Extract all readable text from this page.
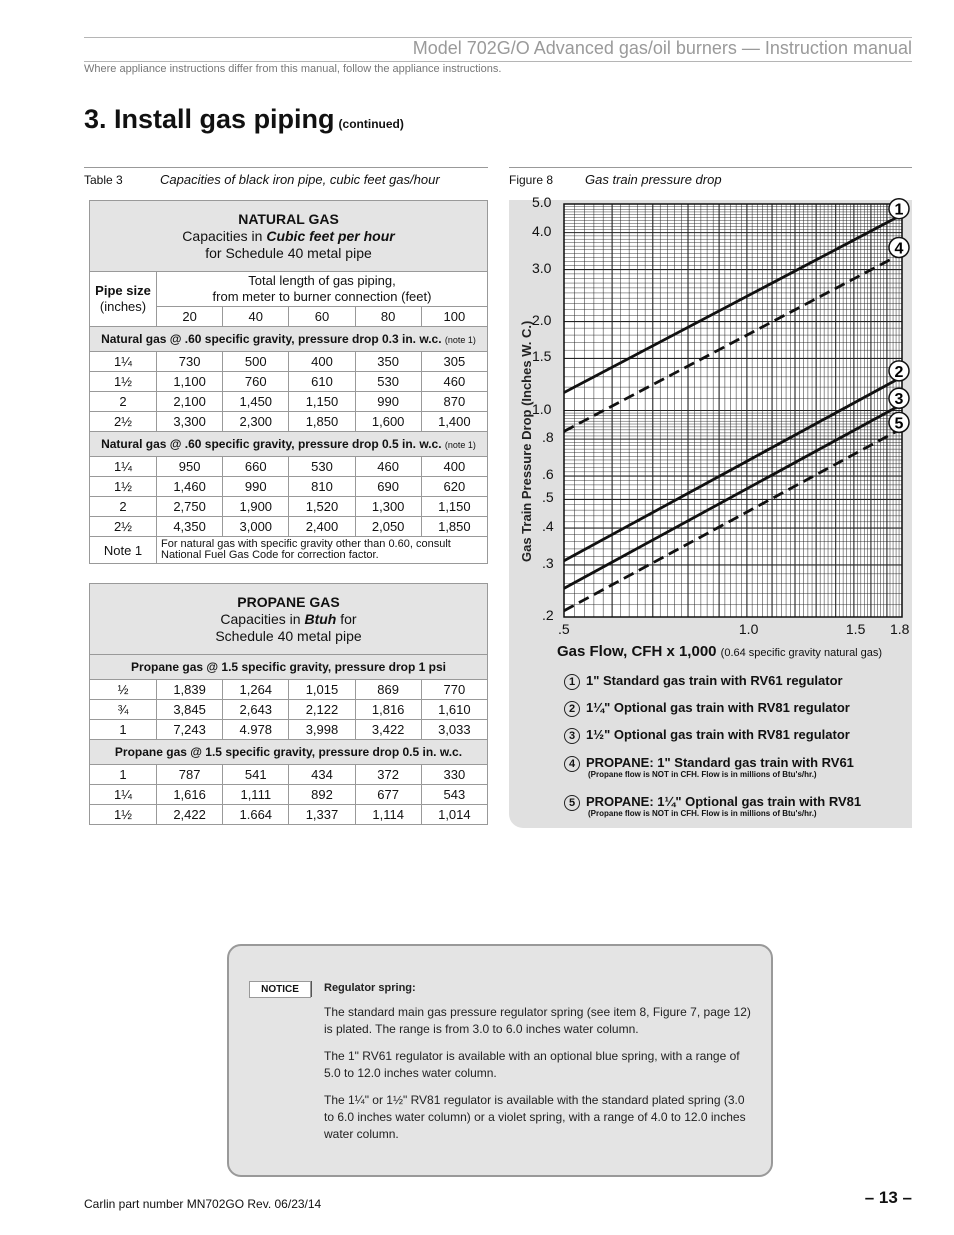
Model 702G/O Advanced gas/oil burners — Instruction manual
Where appliance instructions differ from this manual, follow the appliance instructions.
3. Install gas piping (continued)
Table 3	Capacities of black iron pipe, cubic feet gas/hour
NATURAL GAS
Capacities in Cubic feet per hour
for Schedule 40 metal pipe					
Pipe size
(inches)	Total length of gas piping,
from meter to burner connection (feet)				
	20	40	60	80	100
Natural gas @ .60 specific gravity, pressure drop 0.3 in. w.c. (note 1)					
1¼	730	500	400	350	305
1½	1,100	760	610	530	460
2	2,100	1,450	1,150	990	870
2½	3,300	2,300	1,850	1,600	1,400
Natural gas @ .60 specific gravity, pressure drop 0.5 in. w.c. (note 1)					
1¼	950	660	530	460	400
1½	1,460	990	810	690	620
2	2,750	1,900	1,520	1,300	1,150
2½	4,350	3,000	2,400	2,050	1,850
Note 1	For natural gas with specific gravity other than 0.60, consult National Fuel Gas Code for correction factor.				
PROPANE GAS
Capacities in Btuh for
Schedule 40 metal pipe					
Propane gas @ 1.5 specific gravity, pressure drop 1 psi					
½	1,839	1,264	1,015	869	770
¾	3,845	2,643	2,122	1,816	1,610
1	7,243	4.978	3,998	3,422	3,033
Propane gas @ 1.5 specific gravity, pressure drop 0.5 in. w.c.					
1	787	541	434	372	330
1¼	1,616	1,111	892	677	543
1½	2,422	1.664	1,337	1,114	1,014
Figure 8 Gas train pressure drop
1
2
3
4
5
Gas Train Pressure Drop (Inches W. C.)
5.0
4.0
3.0
2.0
1.5
1.0
.8
.6
.5
.4
.3
.2
.5	1.0	1.5 1.8
Gas Flow, CFH x 1,000 (0.64 specific gravity natural gas)
1 1" Standard gas train with RV61 regulator
2 1¼" Optional gas train with RV81 regulator
3 1½" Optional gas train with RV81 regulator
4 PROPANE: 1" Standard gas train with RV61
(Propane flow is NOT in CFH. Flow is in millions of Btu's/hr.)
5 PROPANE: 1¼" Optional gas train with RV81
(Propane flow is NOT in CFH. Flow is in millions of Btu's/hr.)
NOTICE	Regulator spring:
The standard main gas pressure regulator spring (see item 8, Figure 7, page 12) is plated. The range is from 3.0 to 6.0 inches water column.
The 1" RV61 regulator is available with an optional blue spring, with a range of 5.0 to 12.0 inches water column.
The 1¼" or 1½" RV81 regulator is available with the standard plated spring (3.0 to 6.0 inches water column) or a violet spring, with a range of 4.0 to 12.0 inches water column.
Carlin part number MN702GO Rev. 06/23/14	– 13 –
